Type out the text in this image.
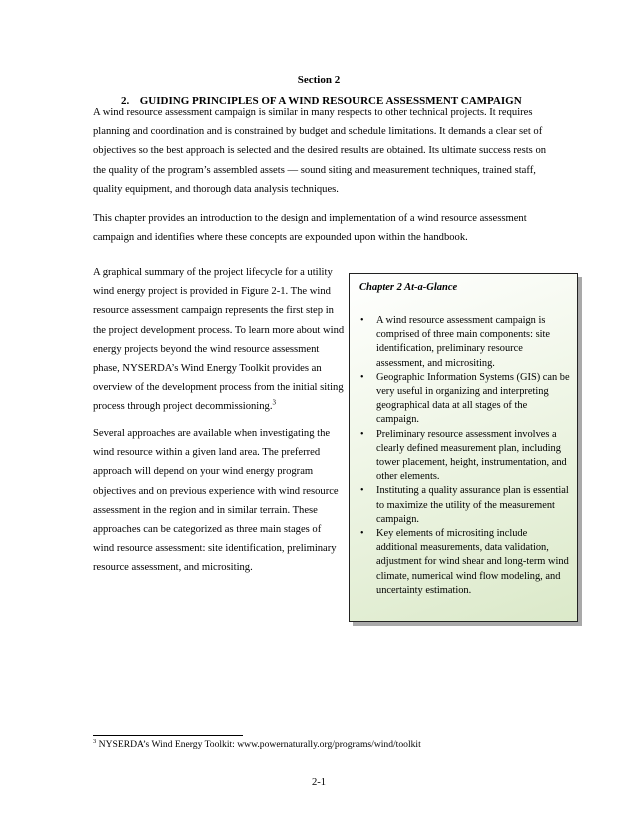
Section 2
2. GUIDING PRINCIPLES OF A WIND RESOURCE ASSESSMENT CAMPAIGN

A wind resource assessment campaign is similar in many respects to other technical projects. It requires planning and coordination and is constrained by budget and schedule limitations. It demands a clear set of objectives so the best approach is selected and the desired results are obtained. Its ultimate success rests on the quality of the program’s assembled assets — sound siting and measurement techniques, trained staff, quality equipment, and thorough data analysis techniques.

This chapter provides an introduction to the design and implementation of a wind resource assessment campaign and identifies where these concepts are expounded upon within the handbook.

A graphical summary of the project lifecycle for a utility wind energy project is provided in Figure 2-1. The wind resource assessment campaign represents the first step in the project development process. To learn more about wind energy projects beyond the wind resource assessment phase, NYSERDA’s Wind Energy Toolkit provides an overview of the development process from the initial siting process through project decommissioning.$^3$

Several approaches are available when investigating the wind resource within a given land area. The preferred approach will depend on your wind energy program objectives and on previous experience with wind resource assessment in the region and in similar terrain. These approaches can be categorized as three main stages of wind resource assessment: site identification, preliminary resource assessment, and micrositing.

Chapter 2 At-a-Glance
• A wind resource assessment campaign is comprised of three main components: site identification, preliminary resource assessment, and micrositing.
• Geographic Information Systems (GIS) can be very useful in organizing and interpreting geographical data at all stages of the campaign.
• Preliminary resource assessment involves a clearly defined measurement plan, including tower placement, height, instrumentation, and other elements.
• Instituting a quality assurance plan is essential to maximize the utility of the measurement campaign.
• Key elements of micrositing include additional measurements, data validation, adjustment for wind shear and long-term wind climate, numerical wind flow modeling, and uncertainty estimation.
$^3$ NYSERDA’s Wind Energy Toolkit: www.powernaturally.org/programs/wind/toolkit
2-1
